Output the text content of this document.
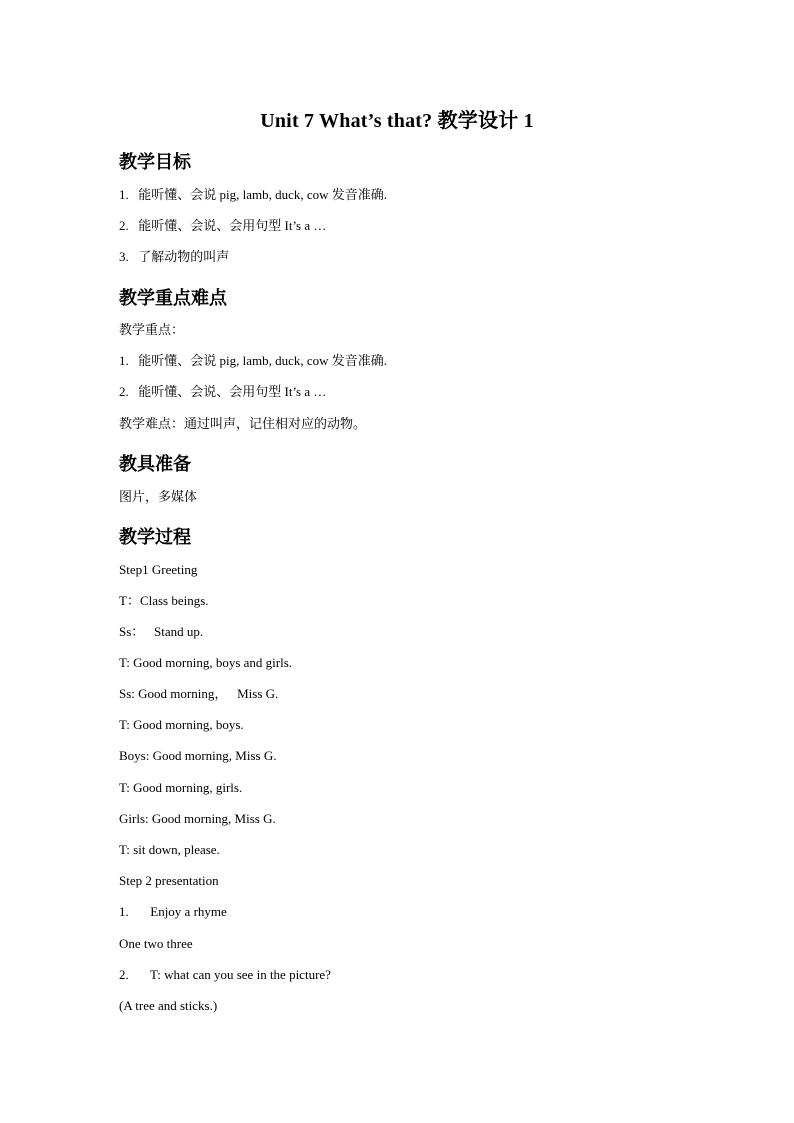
Unit 7 What’s that? 教学设计 1
教学目标
1. 能听懂、会说 pig, lamb, duck, cow 发音准确.
2. 能听懂、会说、会用句型 It’s a …
3. 了解动物的叫声
教学重点难点
教学重点：
1. 能听懂、会说 pig, lamb, duck, cow 发音准确.
2. 能听懂、会说、会用句型 It’s a …
教学难点：通过叫声，记住相对应的动物。
教具准备
图片，多媒体
教学过程
Step1 Greeting
T：Class beings.
Ss：   Stand up.
T: Good morning, boys and girls.
Ss: Good morning，   Miss G.
T: Good morning, boys.
Boys: Good morning, Miss G.
T: Good morning, girls.
Girls: Good morning, Miss G.
T: sit down, please.
Step 2 presentation
1. Enjoy a rhyme
One two three
2. T: what can you see in the picture?
(A tree and sticks.)
